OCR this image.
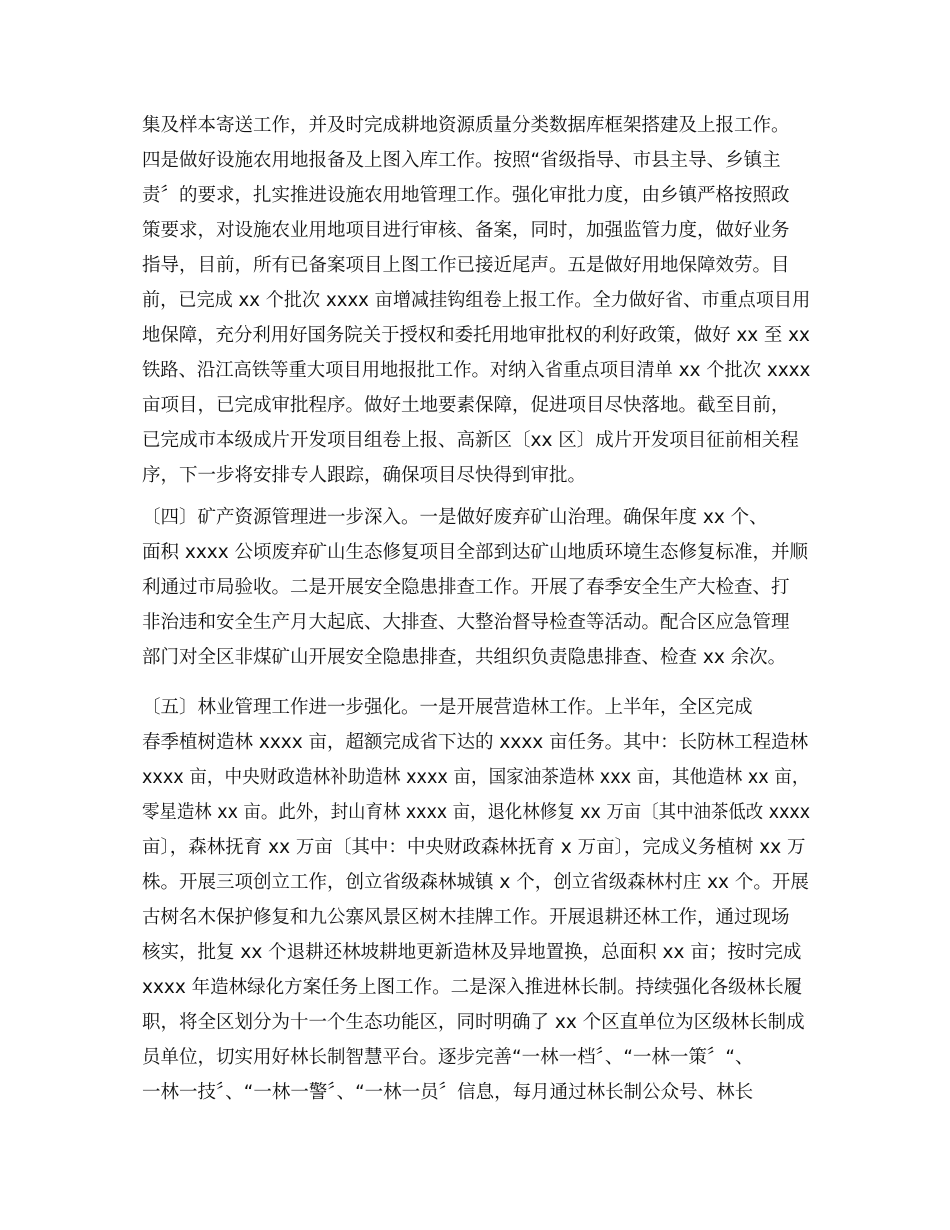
集及样本寄送工作，并及时完成耕地资源质量分类数据库框架搭建及上报工作。
四是做好设施农用地报备及上图入库工作。按照“省级指导、市县主导、乡镇主
责〞的要求，扎实推进设施农用地管理工作。强化审批力度，由乡镇严格按照政
策要求，对设施农业用地项目进行审核、备案，同时，加强监管力度，做好业务
指导，目前，所有已备案项目上图工作已接近尾声。五是做好用地保障效劳。目
前，已完成 xx 个批次 xxxx 亩增减挂钩组卷上报工作。全力做好省、市重点项目用
地保障，充分利用好国务院关于授权和委托用地审批权的利好政策，做好 xx 至 xx
铁路、沿江高铁等重大项目用地报批工作。对纳入省重点项目清单 xx 个批次 xxxx
亩项目，已完成审批程序。做好土地要素保障，促进项目尽快落地。截至目前，
已完成市本级成片开发项目组卷上报、高新区〔xx 区〕成片开发项目征前相关程
序，下一步将安排专人跟踪，确保项目尽快得到审批。
〔四〕矿产资源管理进一步深入。一是做好废弃矿山治理。确保年度 xx 个、
面积 xxxx 公顷废弃矿山生态修复项目全部到达矿山地质环境生态修复标准，并顺
利通过市局验收。二是开展安全隐患排查工作。开展了春季安全生产大检查、打
非治违和安全生产月大起底、大排查、大整治督导检查等活动。配合区应急管理
部门对全区非煤矿山开展安全隐患排查，共组织负责隐患排查、检查 xx 余次。
〔五〕林业管理工作进一步强化。一是开展营造林工作。上半年，全区完成
春季植树造林 xxxx 亩，超额完成省下达的 xxxx 亩任务。其中：长防林工程造林
xxxx 亩，中央财政造林补助造林 xxxx 亩，国家油茶造林 xxx 亩，其他造林 xx 亩，
零星造林 xx 亩。此外，封山育林 xxxx 亩，退化林修复 xx 万亩〔其中油茶低改 xxxx
亩〕，森林抚育 xx 万亩〔其中：中央财政森林抚育 x 万亩〕，完成义务植树 xx 万
株。开展三项创立工作，创立省级森林城镇 x 个，创立省级森林村庄 xx 个。开展
古树名木保护修复和九公寨风景区树木挂牌工作。开展退耕还林工作，通过现场
核实，批复 xx 个退耕还林坡耕地更新造林及异地置换，总面积 xx 亩；按时完成
xxxx 年造林绿化方案任务上图工作。二是深入推进林长制。持续强化各级林长履
职，将全区划分为十一个生态功能区，同时明确了 xx 个区直单位为区级林长制成
员单位，切实用好林长制智慧平台。逐步完善“一林一档〞、“一林一策〞“、
一林一技〞、“一林一警〞、“一林一员〞信息，每月通过林长制公众号、林长
